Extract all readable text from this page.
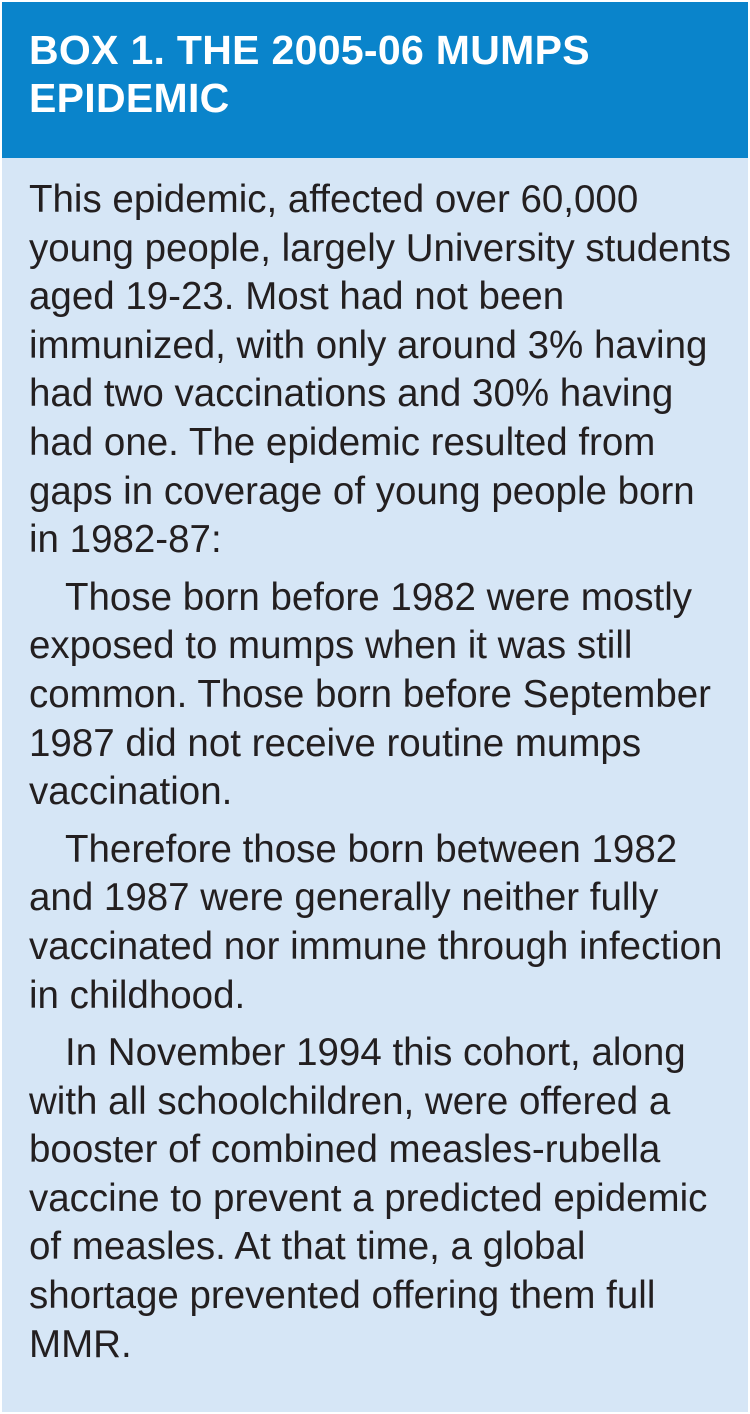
BOX 1. THE 2005-06 MUMPS EPIDEMIC

This epidemic, affected over 60,000 young people, largely University students aged 19-23. Most had not been immunized, with only around 3% having had two vaccinations and 30% having had one. The epidemic resulted from gaps in coverage of young people born in 1982-87:

Those born before 1982 were mostly exposed to mumps when it was still common. Those born before September 1987 did not receive routine mumps vaccination.

Therefore those born between 1982 and 1987 were generally neither fully vaccinated nor immune through infection in childhood.

In November 1994 this cohort, along with all schoolchildren, were offered a booster of combined measles-rubella vaccine to prevent a predicted epidemic of measles. At that time, a global shortage prevented offering them full MMR.
